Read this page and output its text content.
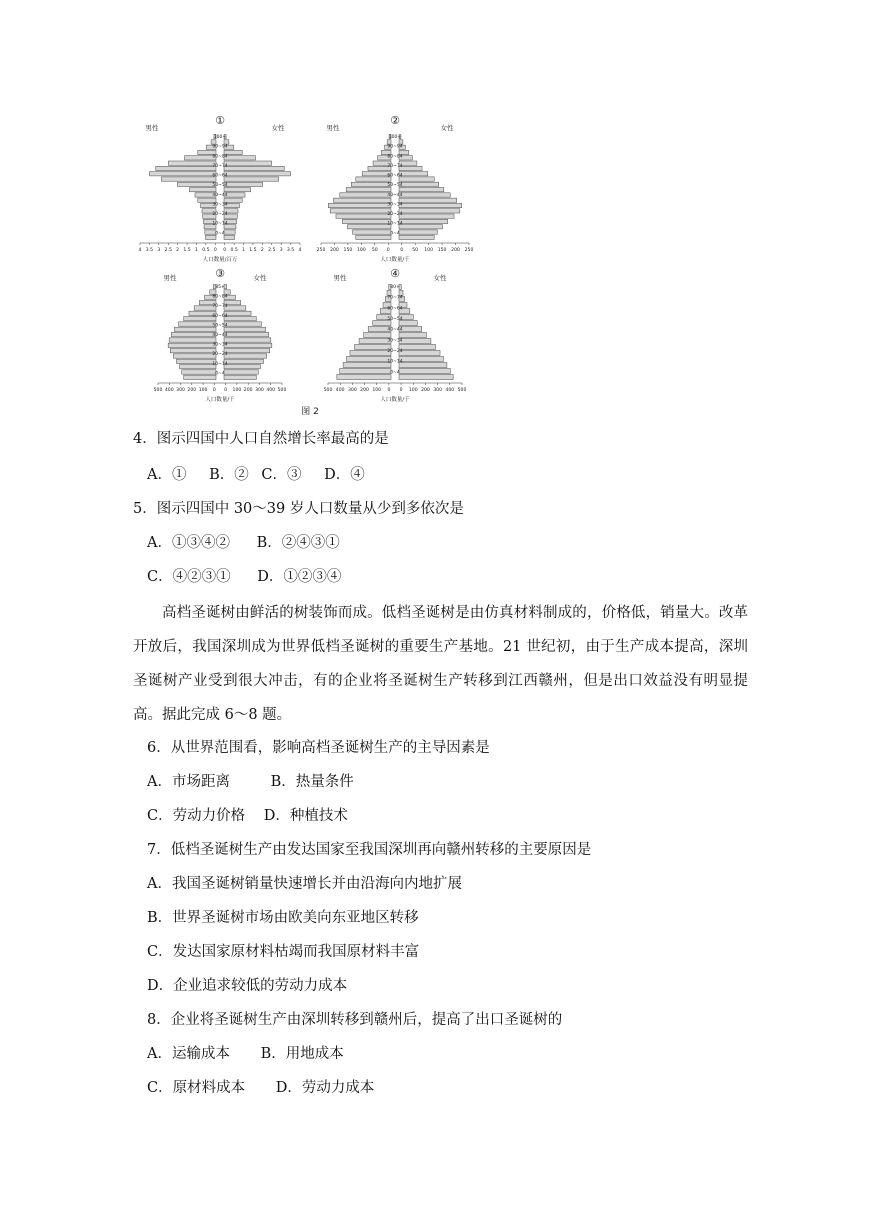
①
男性	女性
100+
90~94
80~84
70~74
60~64
50~54
40~44
30~34
20~24
10~14
0~4
4 3.5 3 2.5 2 1.5 1 0.5 0 0 0.5 1 1.5 2 2.5 3 3.5 4
人口数量/百万
②
男性	女性
100+
90~94
80~84
70~74
60~64
50~54
40~44
30~34
20~24
10~14
0~4
250 200 150 100 50 0 0 50 100 150 200 250
人口数量/千
③
男性	女性
85+
80~84
70~74
60~64
50~54
40~44
30~34
20~24
10~14
0~4
500 400 300 200 100 0 0 100 200 300 400 500
人口数量/千
④
男性	女性
80+
70~74
60~64
50~54
40~44
30~34
20~24
10~14
0~4
500 400 300 200 100 0 0 100 200 300 400 500
人口数量/千
图 2
4．图示四国中人口自然增长率最高的是
A．① B．② C．③ D．④
5．图示四国中 30～39 岁人口数量从少到多依次是
A．①③④② B．②④③①
C．④②③① D．①②③④
高档圣诞树由鲜活的树装饰而成。低档圣诞树是由仿真材料制成的，价格低，销量大。改革开放后，我国深圳成为世界低档圣诞树的重要生产基地。21 世纪初，由于生产成本提高，深圳圣诞树产业受到很大冲击，有的企业将圣诞树生产转移到江西赣州，但是出口效益没有明显提高。据此完成 6～8 题。
6．从世界范围看，影响高档圣诞树生产的主导因素是
A．市场距离	B．热量条件
C．劳动力价格 D．种植技术
7．低档圣诞树生产由发达国家至我国深圳再向赣州转移的主要原因是
A．我国圣诞树销量快速增长并由沿海向内地扩展
B．世界圣诞树市场由欧美向东亚地区转移
C．发达国家原材料枯竭而我国原材料丰富
D．企业追求较低的劳动力成本
8．企业将圣诞树生产由深圳转移到赣州后，提高了出口圣诞树的
A．运输成本 B．用地成本
C．原材料成本 D．劳动力成本
